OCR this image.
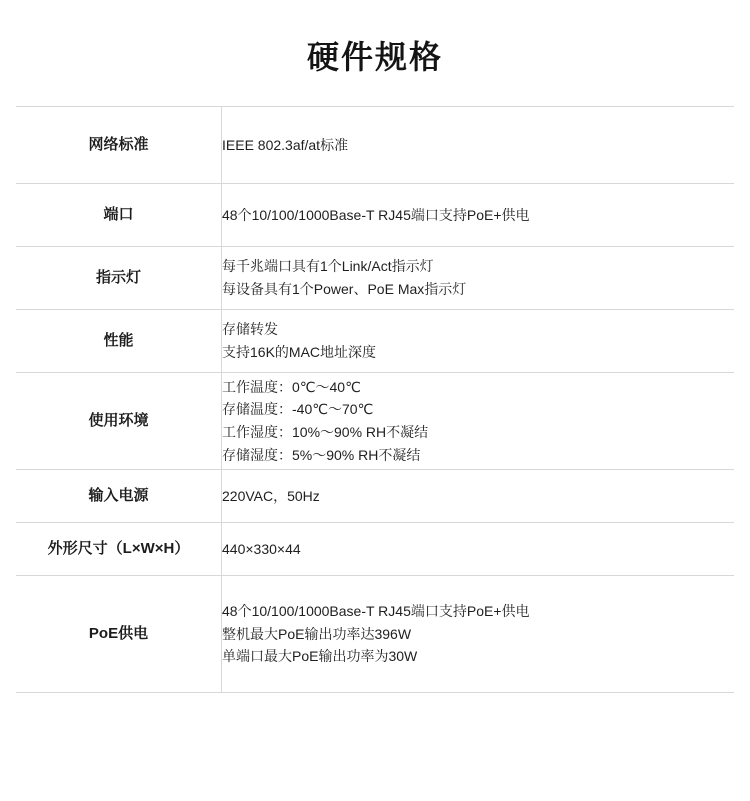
硬件规格
网络标准	IEEE 802.3af/at标准

端口	48个10/100/1000Base-T RJ45端口支持PoE+供电

指示灯	每千兆端口具有1个Link/Act指示灯
每设备具有1个Power、PoE Max指示灯

性能	存储转发
支持16K的MAC地址深度

使用环境	工作温度：0℃～40℃
存储温度：-40℃～70℃
工作湿度：10%～90% RH不凝结
存储湿度：5%～90% RH不凝结

输入电源	220VAC，50Hz

外形尺寸（L×W×H）	440×330×44

PoE供电	48个10/100/1000Base-T RJ45端口支持PoE+供电
整机最大PoE输出功率达396W
单端口最大PoE输出功率为30W
